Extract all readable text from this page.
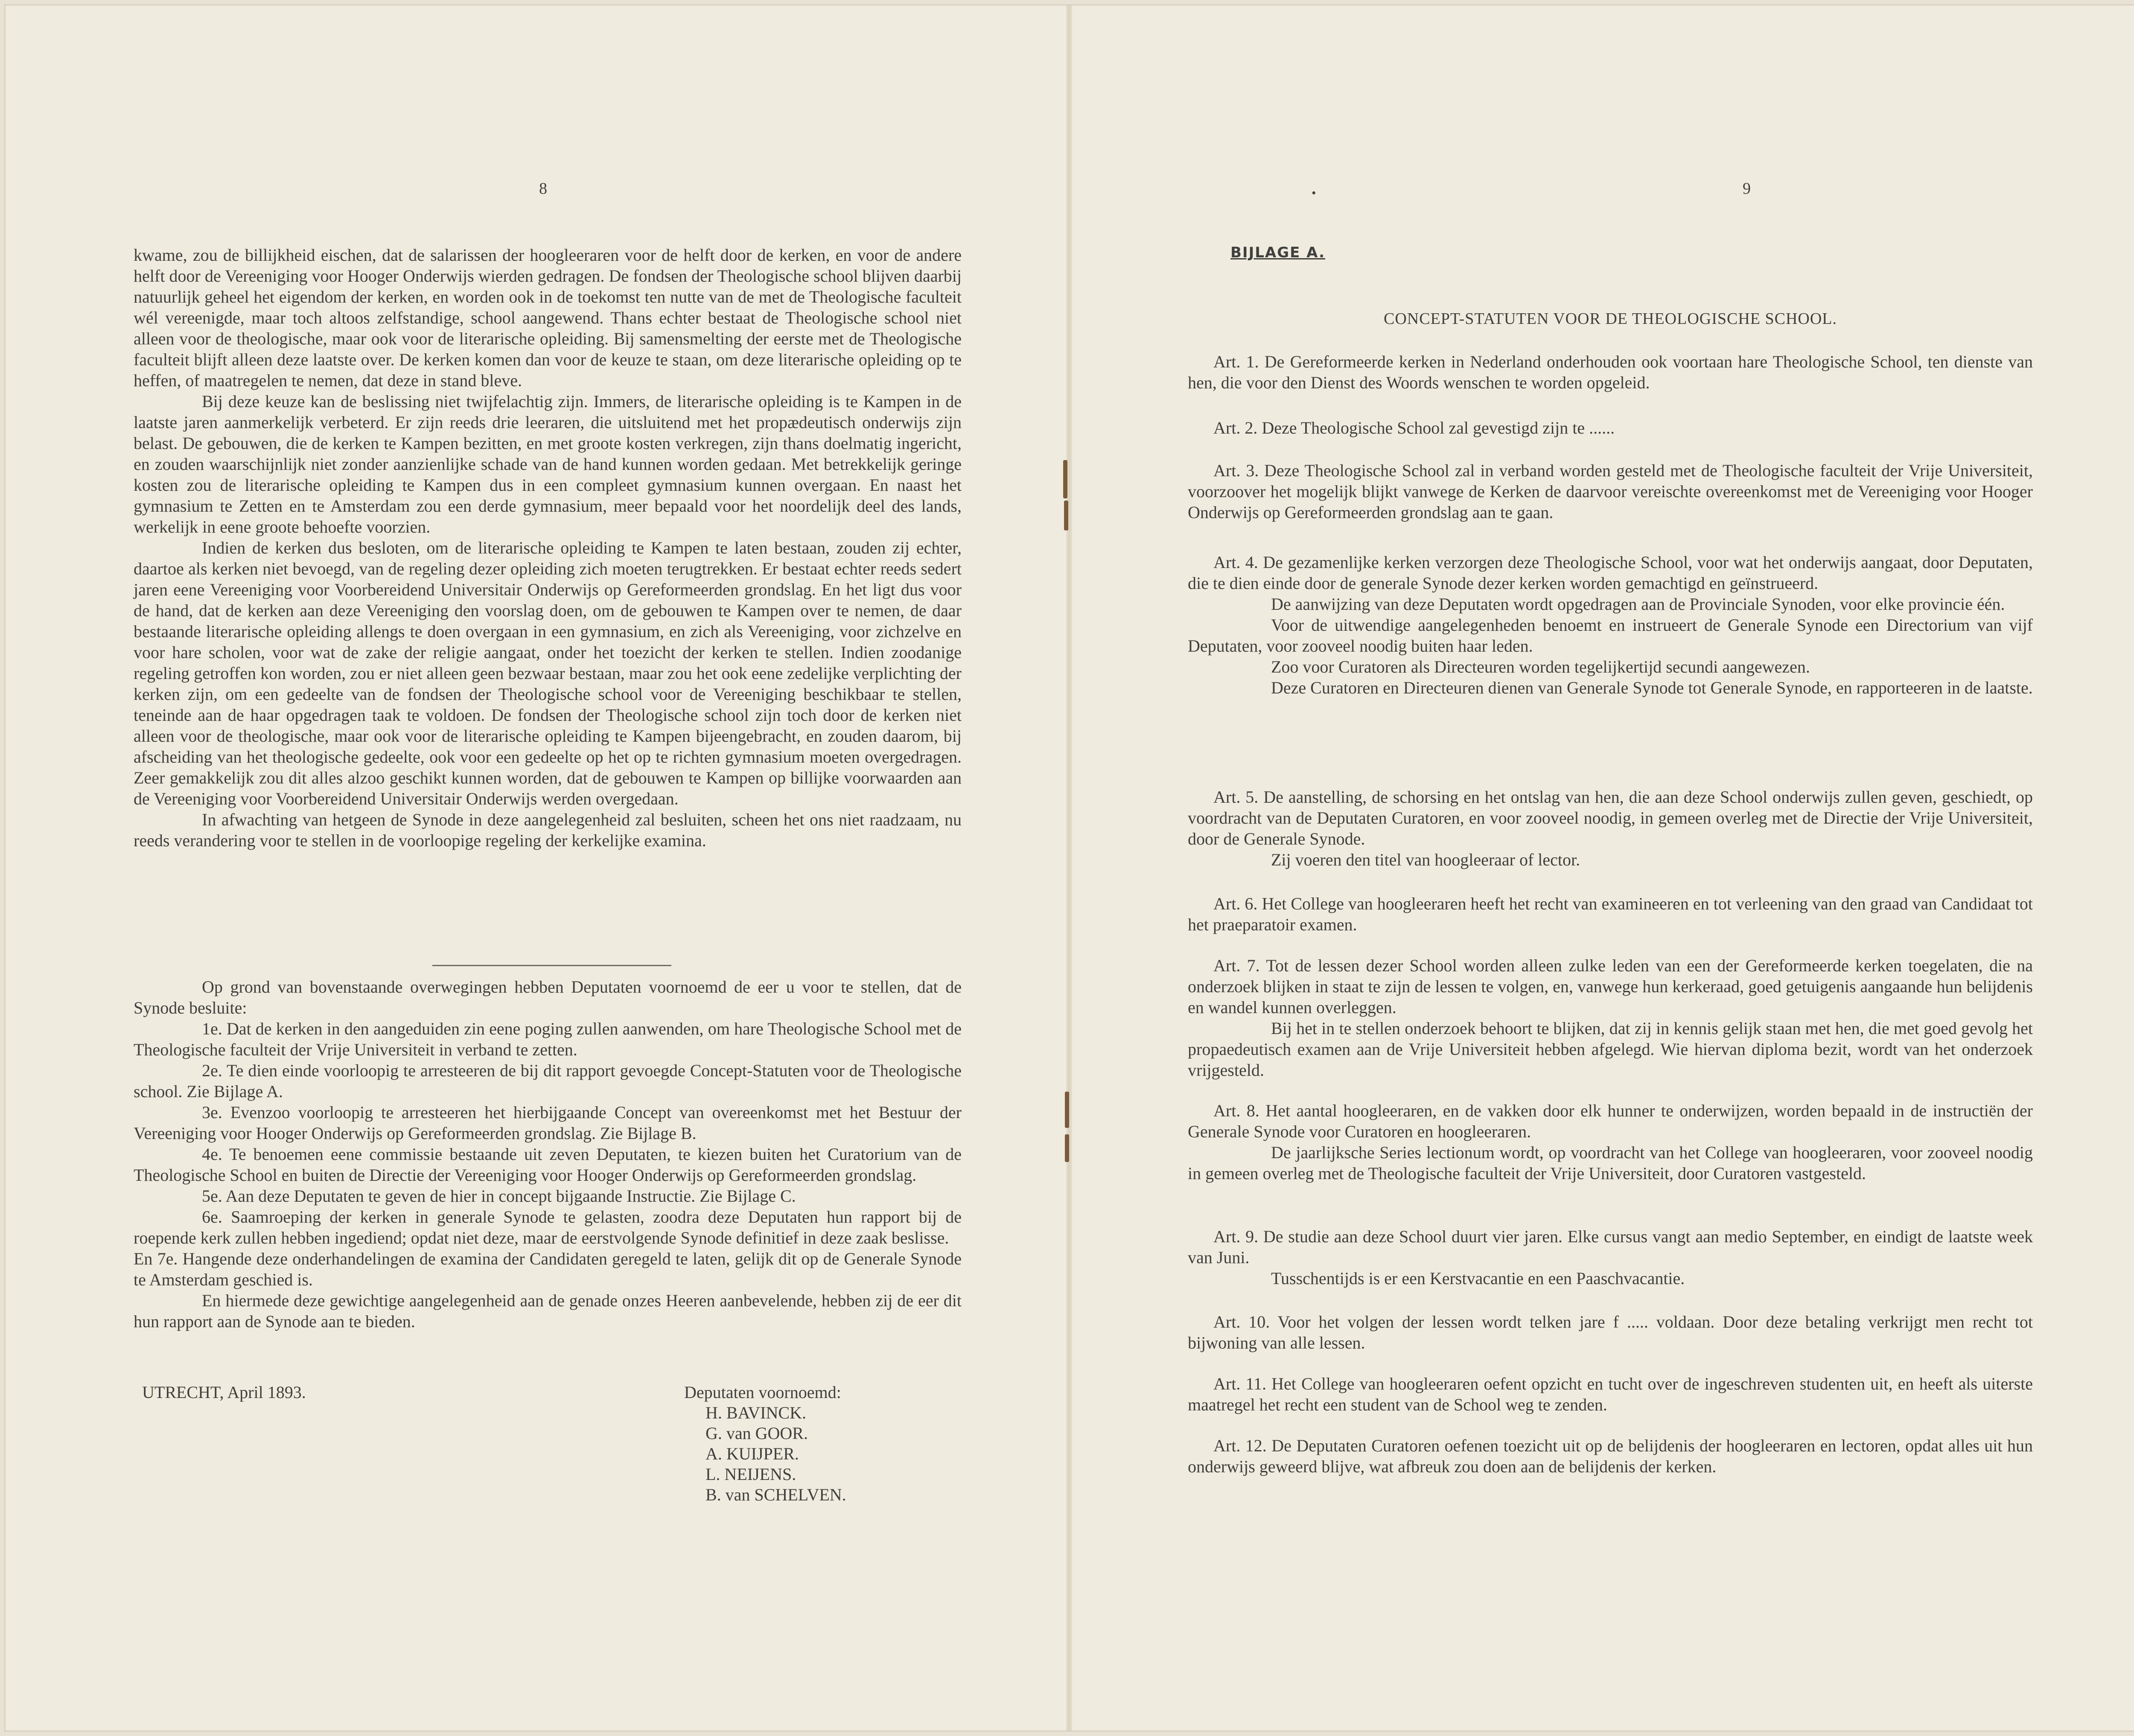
8

kwame, zou de billijkheid eischen, dat de salarissen der hoogleeraren voor de helft door de kerken, en voor de andere helft door de Vereeniging voor Hooger Onderwijs wierden gedragen. De fondsen der Theologische school blijven daarbij natuurlijk geheel het eigendom der kerken, en worden ook in de toekomst ten nutte van de met de Theologische faculteit wél vereenigde, maar toch altoos zelfstandige, school aangewend. Thans echter bestaat de Theologische school niet alleen voor de theologische, maar ook voor de literarische opleiding. Bij samensmelting der eerste met de Theologische faculteit blijft alleen deze laatste over. De kerken komen dan voor de keuze te staan, om deze literarische opleiding op te heffen, of maatregelen te nemen, dat deze in stand bleve.

Bij deze keuze kan de beslissing niet twijfelachtig zijn. Immers, de literarische opleiding is te Kampen in de laatste jaren aanmerkelijk verbeterd. Er zijn reeds drie leeraren, die uitsluitend met het propædeutisch onderwijs zijn belast. De gebouwen, die de kerken te Kampen bezitten, en met groote kosten verkregen, zijn thans doelmatig ingericht, en zouden waarschijnlijk niet zonder aanzienlijke schade van de hand kunnen worden gedaan. Met betrekkelijk geringe kosten zou de literarische opleiding te Kampen dus in een compleet gymnasium kunnen overgaan. En naast het gymnasium te Zetten en te Amsterdam zou een derde gymnasium, meer bepaald voor het noordelijk deel des lands, werkelijk in eene groote behoefte voorzien.

Indien de kerken dus besloten, om de literarische opleiding te Kampen te laten bestaan, zouden zij echter, daartoe als kerken niet bevoegd, van de regeling dezer opleiding zich moeten terugtrekken. Er bestaat echter reeds sedert jaren eene Vereeniging voor Voorbereidend Universitair Onderwijs op Gereformeerden grondslag. En het ligt dus voor de hand, dat de kerken aan deze Vereeniging den voorslag doen, om de gebouwen te Kampen over te nemen, de daar bestaande literarische opleiding allengs te doen overgaan in een gymnasium, en zich als Vereeniging, voor zichzelve en voor hare scholen, voor wat de zake der religie aangaat, onder het toezicht der kerken te stellen. Indien zoodanige regeling getroffen kon worden, zou er niet alleen geen bezwaar bestaan, maar zou het ook eene zedelijke verplichting der kerken zijn, om een gedeelte van de fondsen der Theologische school voor de Vereeniging beschikbaar te stellen, teneinde aan de haar opgedragen taak te voldoen. De fondsen der Theologische school zijn toch door de kerken niet alleen voor de theologische, maar ook voor de literarische opleiding te Kampen bijeengebracht, en zouden daarom, bij afscheiding van het theologische gedeelte, ook voor een gedeelte op het op te richten gymnasium moeten overgedragen. Zeer gemakkelijk zou dit alles alzoo geschikt kunnen worden, dat de gebouwen te Kampen op billijke voorwaarden aan de Vereeniging voor Voorbereidend Universitair Onderwijs werden overgedaan.

In afwachting van hetgeen de Synode in deze aangelegenheid zal besluiten, scheen het ons niet raadzaam, nu reeds verandering voor te stellen in de voorloopige regeling der kerkelijke examina.

Op grond van bovenstaande overwegingen hebben Deputaten voornoemd de eer u voor te stellen, dat de Synode besluite:

1e. Dat de kerken in den aangeduiden zin eene poging zullen aanwenden, om hare Theologische School met de Theologische faculteit der Vrije Universiteit in verband te zetten.

2e. Te dien einde voorloopig te arresteeren de bij dit rapport gevoegde Concept-Statuten voor de Theologische school. Zie Bijlage A.

3e. Evenzoo voorloopig te arresteeren het hierbijgaande Concept van overeenkomst met het Bestuur der Vereeniging voor Hooger Onderwijs op Gereformeerden grondslag. Zie Bijlage B.

4e. Te benoemen eene commissie bestaande uit zeven Deputaten, te kiezen buiten het Curatorium van de Theologische School en buiten de Directie der Vereeniging voor Hooger Onderwijs op Gereformeerden grondslag.

5e. Aan deze Deputaten te geven de hier in concept bijgaande Instructie. Zie Bijlage C.

6e. Saamroeping der kerken in generale Synode te gelasten, zoodra deze Deputaten hun rapport bij de roepende kerk zullen hebben ingediend; opdat niet deze, maar de eerstvolgende Synode definitief in deze zaak beslisse.

En 7e. Hangende deze onderhandelingen de examina der Candidaten geregeld te laten, gelijk dit op de Generale Synode te Amsterdam geschied is.

En hiermede deze gewichtige aangelegenheid aan de genade onzes Heeren aanbevelende, hebben zij de eer dit hun rapport aan de Synode aan te bieden.

UTRECHT, April 1893.	Deputaten voornoemd:
H. BAVINCK.
G. van GOOR.
A. KUIJPER.
L. NEIJENS.
B. van SCHELVEN.
•	9
BIJLAGE A.
CONCEPT-STATUTEN VOOR DE THEOLOGISCHE SCHOOL.

Art. 1. De Gereformeerde kerken in Nederland onderhouden ook voortaan hare Theologische School, ten dienste van hen, die voor den Dienst des Woords wenschen te worden opgeleid.

Art. 2. Deze Theologische School zal gevestigd zijn te ......

Art. 3. Deze Theologische School zal in verband worden gesteld met de Theologische faculteit der Vrije Universiteit, voorzoover het mogelijk blijkt vanwege de Kerken de daarvoor vereischte overeenkomst met de Vereeniging voor Hooger Onderwijs op Gereformeerden grondslag aan te gaan.

Art. 4. De gezamenlijke kerken verzorgen deze Theologische School, voor wat het onderwijs aangaat, door Deputaten, die te dien einde door de generale Synode dezer kerken worden gemachtigd en geïnstrueerd.

De aanwijzing van deze Deputaten wordt opgedragen aan de Provinciale Synoden, voor elke provincie één.

Voor de uitwendige aangelegenheden benoemt en instrueert de Generale Synode een Directorium van vijf Deputaten, voor zooveel noodig buiten haar leden.

Zoo voor Curatoren als Directeuren worden tegelijkertijd secundi aangewezen.

Deze Curatoren en Directeuren dienen van Generale Synode tot Generale Synode, en rapporteeren in de laatste.

Art. 5. De aanstelling, de schorsing en het ontslag van hen, die aan deze School onderwijs zullen geven, geschiedt, op voordracht van de Deputaten Curatoren, en voor zooveel noodig, in gemeen overleg met de Directie der Vrije Universiteit, door de Generale Synode.

Zij voeren den titel van hoogleeraar of lector.

Art. 6. Het College van hoogleeraren heeft het recht van examineeren en tot verleening van den graad van Candidaat tot het praeparatoir examen.

Art. 7. Tot de lessen dezer School worden alleen zulke leden van een der Gereformeerde kerken toegelaten, die na onderzoek blijken in staat te zijn de lessen te volgen, en, vanwege hun kerkeraad, goed getuigenis aangaande hun belijdenis en wandel kunnen overleggen.

Bij het in te stellen onderzoek behoort te blijken, dat zij in kennis gelijk staan met hen, die met goed gevolg het propaedeutisch examen aan de Vrije Universiteit hebben afgelegd. Wie hiervan diploma bezit, wordt van het onderzoek vrijgesteld.

Art. 8. Het aantal hoogleeraren, en de vakken door elk hunner te onderwijzen, worden bepaald in de instructiën der Generale Synode voor Curatoren en hoogleeraren.

De jaarlijksche Series lectionum wordt, op voordracht van het College van hoogleeraren, voor zooveel noodig in gemeen overleg met de Theologische faculteit der Vrije Universiteit, door Curatoren vastgesteld.

Art. 9. De studie aan deze School duurt vier jaren. Elke cursus vangt aan medio September, en eindigt de laatste week van Juni.

Tusschentijds is er een Kerstvacantie en een Paaschvacantie.

Art. 10. Voor het volgen der lessen wordt telken jare f ..... voldaan. Door deze betaling verkrijgt men recht tot bijwoning van alle lessen.

Art. 11. Het College van hoogleeraren oefent opzicht en tucht over de ingeschreven studenten uit, en heeft als uiterste maatregel het recht een student van de School weg te zenden.

Art. 12. De Deputaten Curatoren oefenen toezicht uit op de belijdenis der hoogleeraren en lectoren, opdat alles uit hun onderwijs geweerd blijve, wat afbreuk zou doen aan de belijdenis der kerken.
